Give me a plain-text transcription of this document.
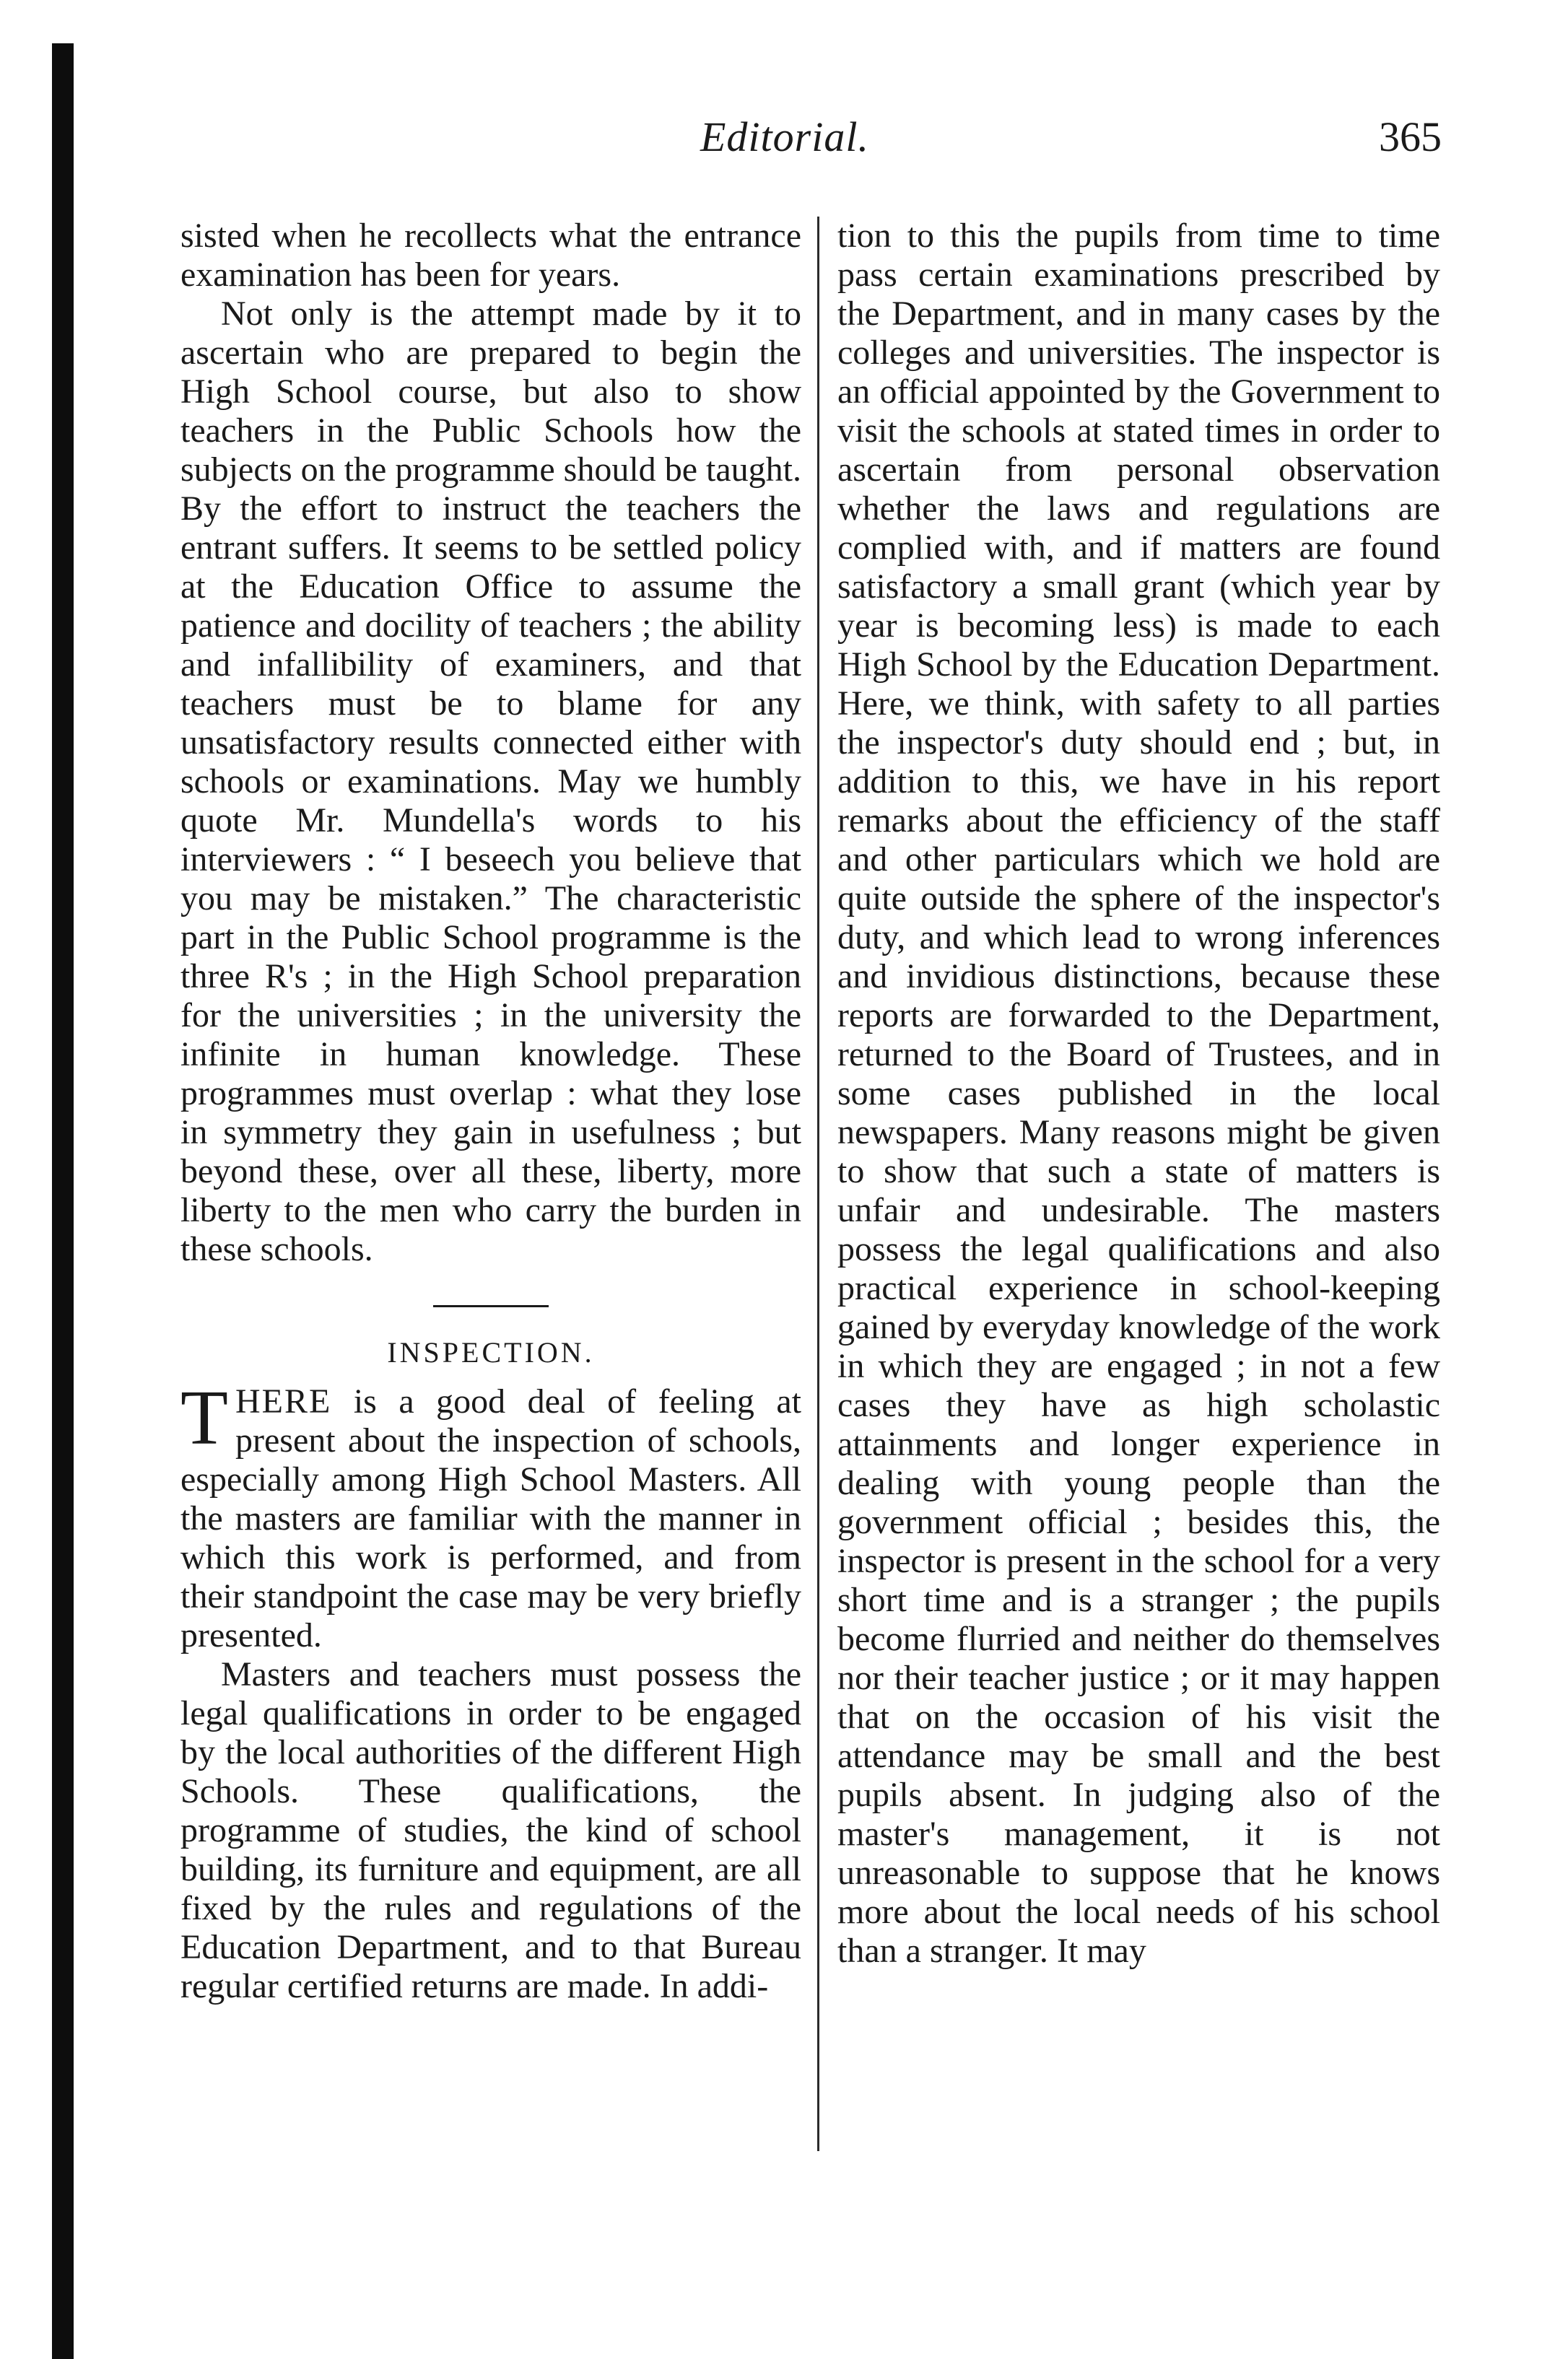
Editorial.	365

sisted when he recollects what the entrance examination has been for years.

Not only is the attempt made by it to ascertain who are prepared to begin the High School course, but also to show teachers in the Public Schools how the subjects on the programme should be taught. By the effort to instruct the teachers the entrant suffers. It seems to be settled policy at the Education Office to assume the patience and docility of teachers ; the ability and infallibility of examiners, and that teachers must be to blame for any unsatisfactory results connected either with schools or examinations. May we humbly quote Mr. Mundella's words to his interviewers : “ I beseech you believe that you may be mistaken.” The characteristic part in the Public School programme is the three R's ; in the High School preparation for the universities ; in the university the infinite in human knowledge. These programmes must overlap : what they lose in symmetry they gain in usefulness ; but beyond these, over all these, liberty, more liberty to the men who carry the burden in these schools.

INSPECTION.

THERE is a good deal of feeling at present about the inspection of schools, especially among High School Masters. All the masters are familiar with the manner in which this work is performed, and from their standpoint the case may be very briefly presented.

Masters and teachers must possess the legal qualifications in order to be engaged by the local authorities of the different High Schools. These qualifications, the programme of studies, the kind of school building, its furniture and equipment, are all fixed by the rules and regulations of the Education Department, and to that Bureau regular certified returns are made. In addi-

tion to this the pupils from time to time pass certain examinations prescribed by the Department, and in many cases by the colleges and universities. The inspector is an official appointed by the Government to visit the schools at stated times in order to ascertain from personal observation whether the laws and regulations are complied with, and if matters are found satisfactory a small grant (which year by year is becoming less) is made to each High School by the Education Department. Here, we think, with safety to all parties the inspector's duty should end ; but, in addition to this, we have in his report remarks about the efficiency of the staff and other particulars which we hold are quite outside the sphere of the inspector's duty, and which lead to wrong inferences and invidious distinctions, because these reports are forwarded to the Department, returned to the Board of Trustees, and in some cases published in the local newspapers. Many reasons might be given to show that such a state of matters is unfair and undesirable. The masters possess the legal qualifications and also practical experience in school-keeping gained by everyday knowledge of the work in which they are engaged ; in not a few cases they have as high scholastic attainments and longer experience in dealing with young people than the government official ; besides this, the inspector is present in the school for a very short time and is a stranger ; the pupils become flurried and neither do themselves nor their teacher justice ; or it may happen that on the occasion of his visit the attendance may be small and the best pupils absent. In judging also of the master's management, it is not unreasonable to suppose that he knows more about the local needs of his school than a stranger. It may
